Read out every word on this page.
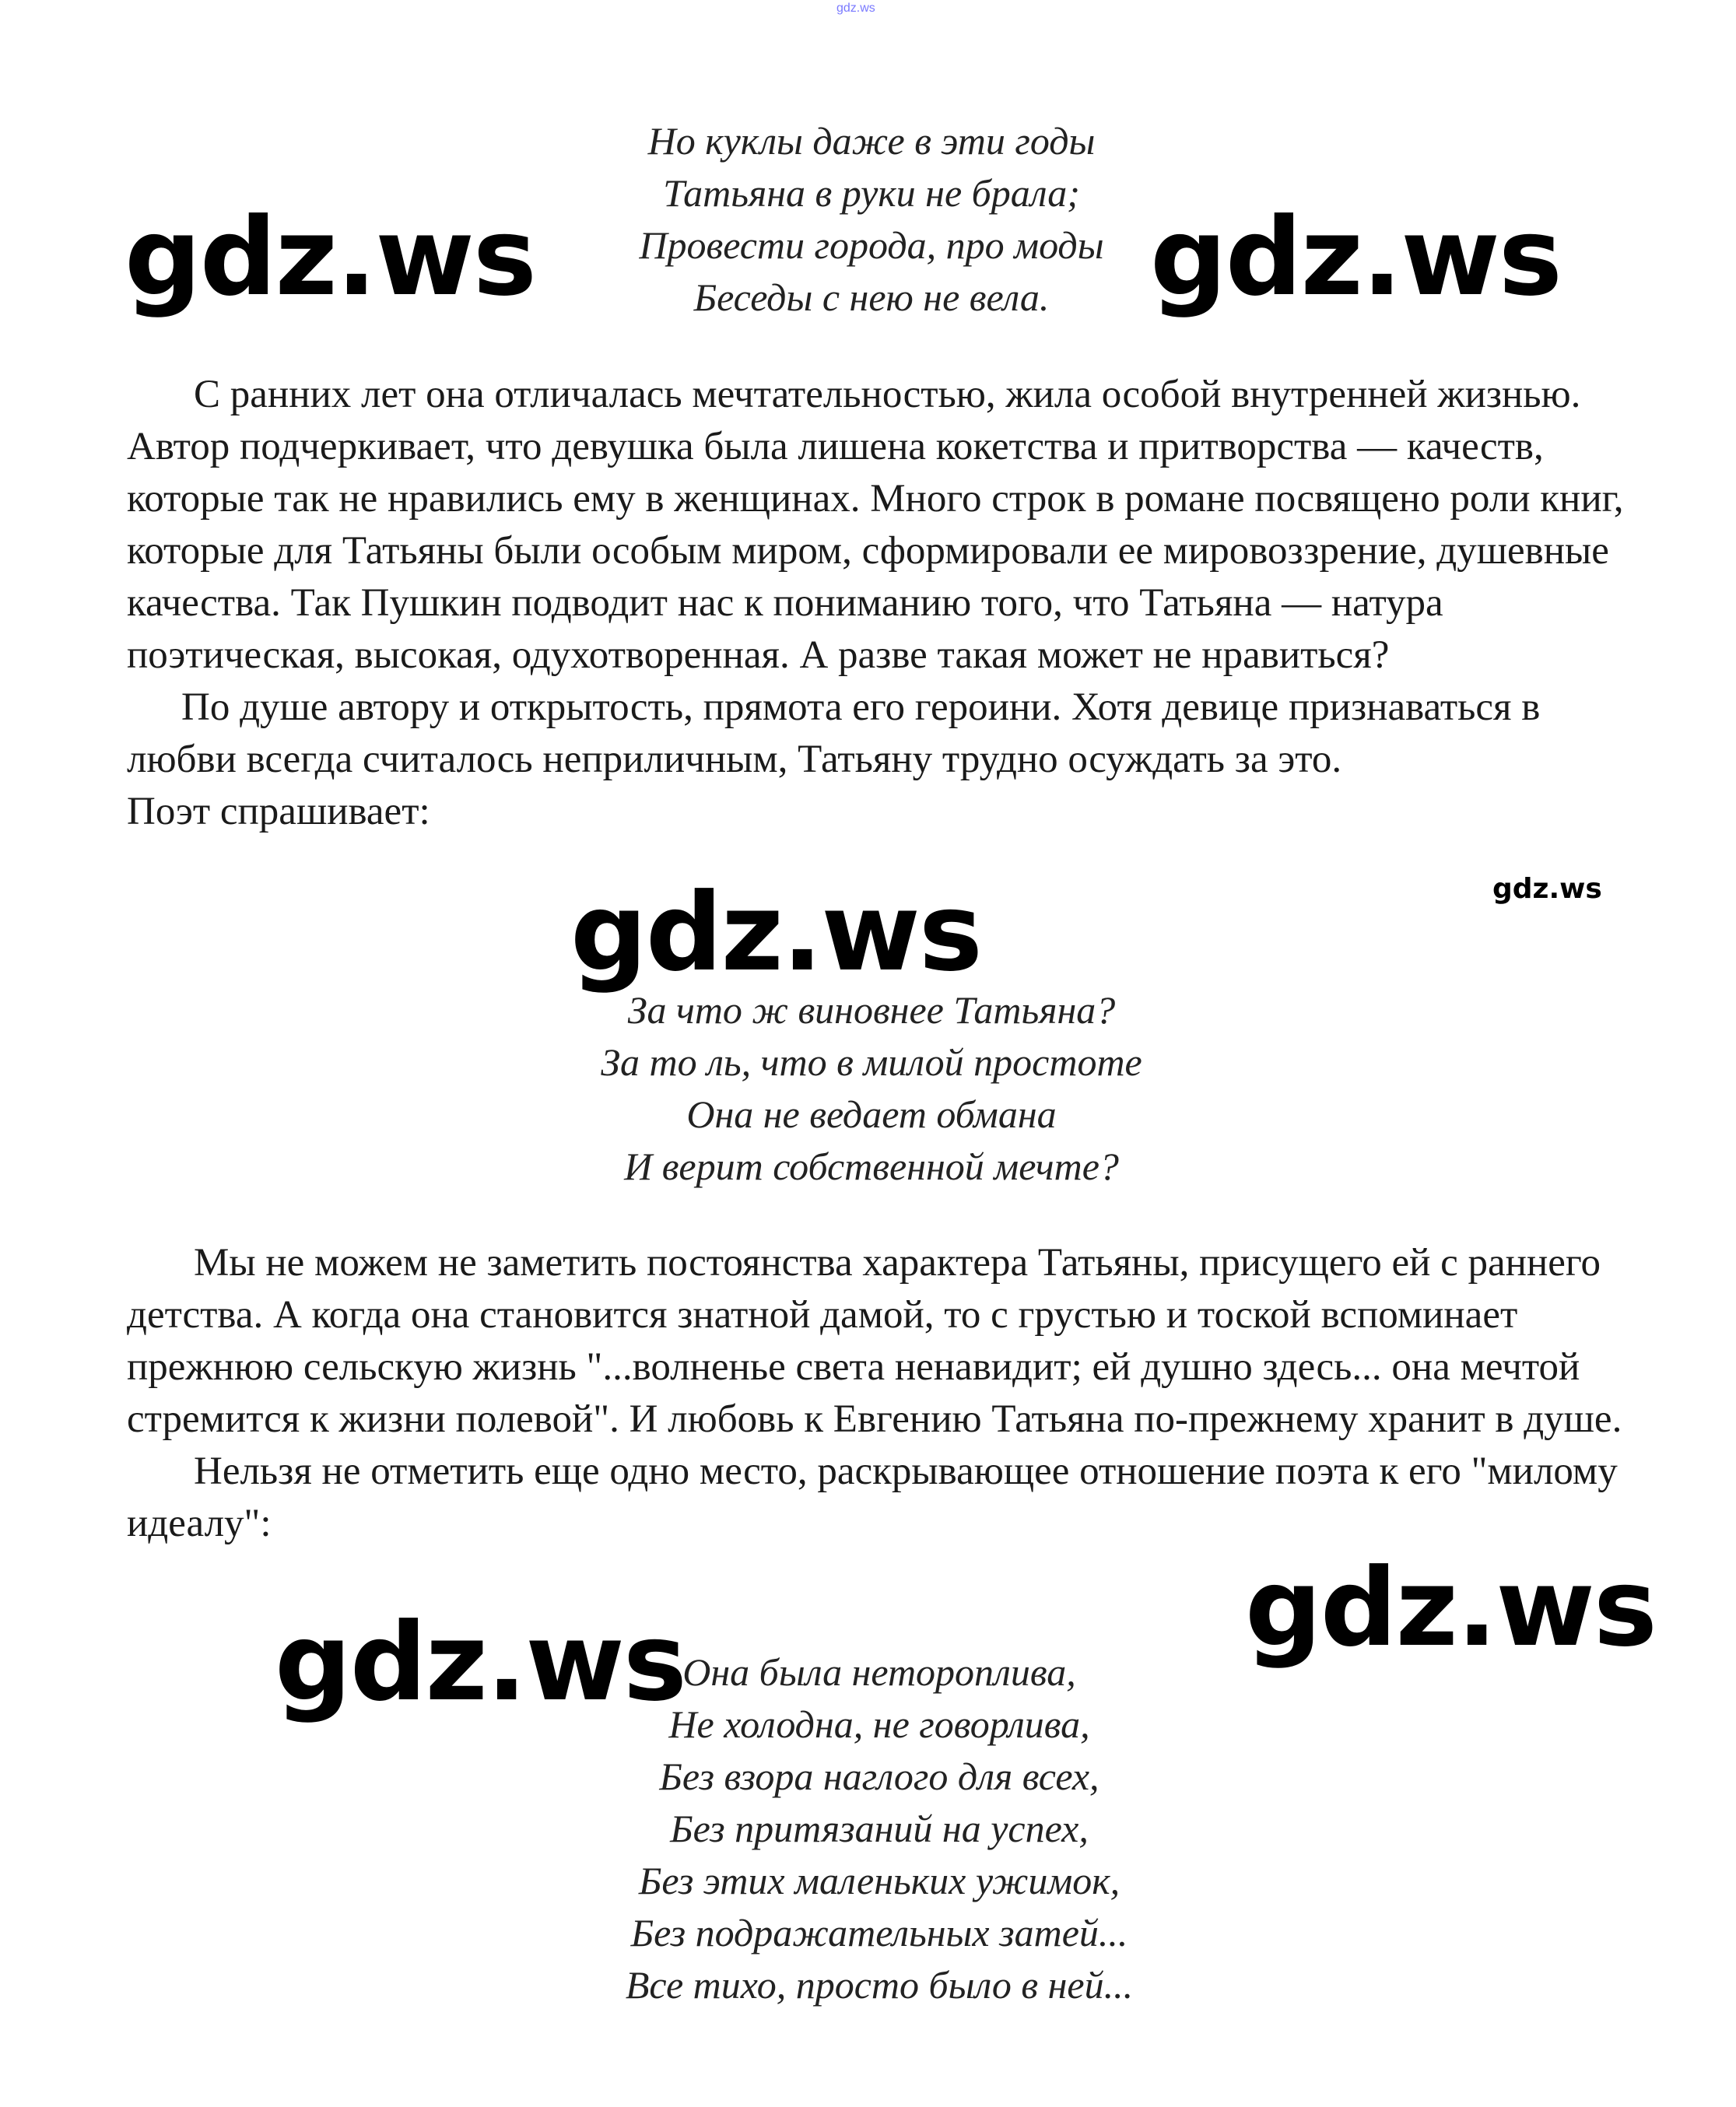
gdz.ws
Но куклы даже в эти годы
Татьяна в руки не брала;
Провести города, про моды
Беседы с нею не вела.

С ранних лет она отличалась мечтательностью, жила особой внутренней жизнью. Автор подчеркивает, что девушка была лишена кокетства и притворства — качеств, которые так не нравились ему в женщинах. Много строк в романе посвящено роли книг, которые для Татьяны были особым миром, сформировали ее мировоззрение, душевные качества. Так Пушкин подводит нас к пониманию того, что Татьяна — натура поэтическая, высокая, одухотворенная. А разве такая может не нравиться?

По душе автору и открытость, прямота его героини. Хотя девице признаваться в любви всегда считалось неприличным, Татьяну трудно осуждать за это.

Поэт спрашивает:

За что ж виновнее Татьяна?
За то ль, что в милой простоте
Она не ведает обмана
И верит собственной мечте?

Мы не можем не заметить постоянства характера Татьяны, присущего ей с раннего детства. А когда она становится знатной дамой, то с грустью и тоской вспоминает прежнюю сельскую жизнь "...волненье света ненавидит; ей душно здесь... она мечтой стремится к жизни полевой". И любовь к Евгению Татьяна по-прежнему хранит в душе.

Нельзя не отметить еще одно место, раскрывающее отношение поэта к его "милому идеалу":

Она была нетороплива,
Не холодна, не говорлива,
Без взора наглого для всех,
Без притязаний на успех,
Без этих маленьких ужимок,
Без подражательных затей...
Все тихо, просто было в ней...
gdz.ws	gdz.ws
gdz.ws	gdz.ws
gdz.ws
gdz.ws
